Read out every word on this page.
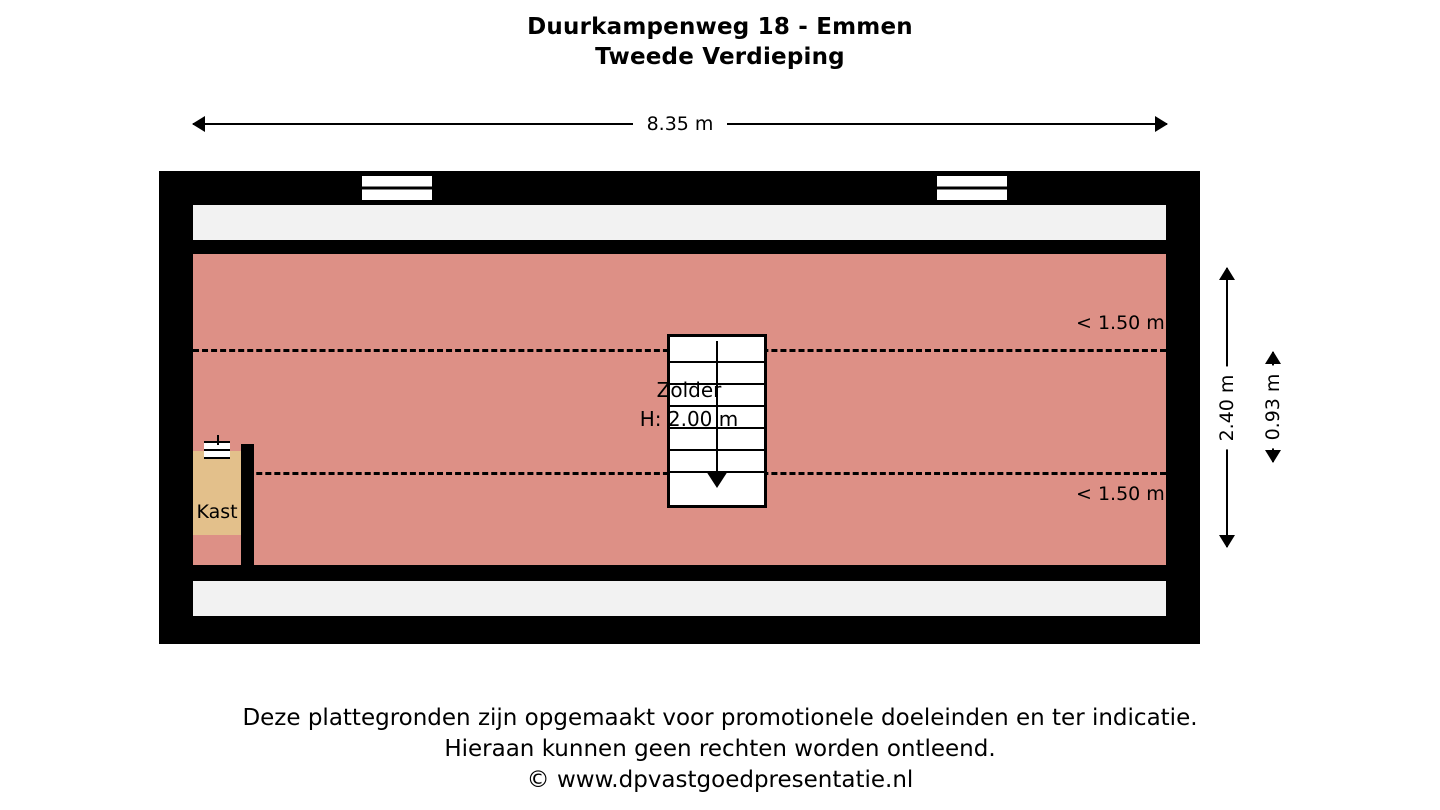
Duurkampenweg 18 - Emmen
Tweede Verdieping
8.35 m
2.40 m 0.93 m
Kast
Zolder
H: 2.00 m
< 1.50 m
< 1.50 m
Deze plattegronden zijn opgemaakt voor promotionele doeleinden en ter indicatie.
Hieraan kunnen geen rechten worden ontleend.
© www.dpvastgoedpresentatie.nl
